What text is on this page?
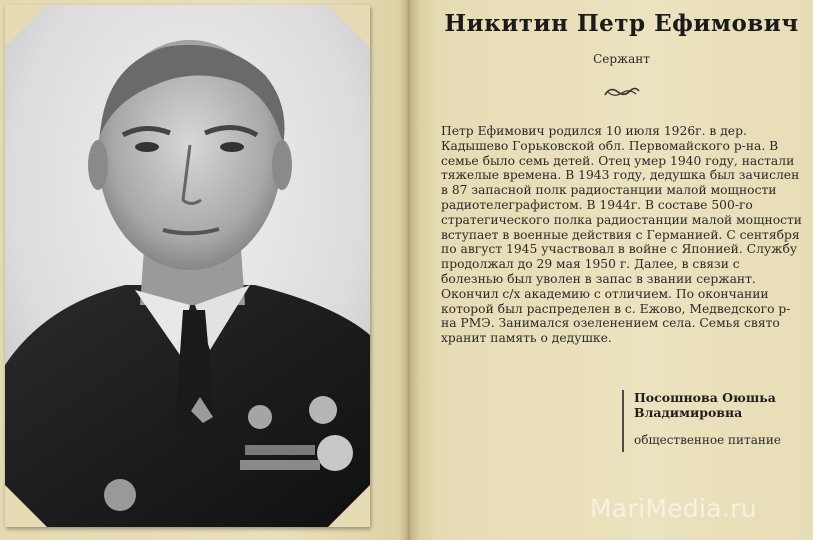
Никитин Петр Ефимович
Сержант
Петр Ефимович родился 10 июля 1926г. в дер. Кадышево Горьковской обл. Первомайского р-на. В семье было семь детей. Отец умер 1940 году, настали тяжелые времена. В 1943 году, дедушка был зачислен в 87 запасной полк радиостанции малой мощности радиотелеграфистом. В 1944г. В составе 500-го стратегического полка радиостанции малой мощности вступает в военные действия с Германией. С сентября по август 1945 участвовал в войне с Японией. Службу продолжал до 29 мая 1950 г. Далее, в связи с болезнью был уволен в запас в звании сержант. Окончил с/х академию с отличием. По окончании которой был распределен в с. Ежово, Медведского р-на РМЭ. Занимался озеленением села. Семья свято хранит память о дедушке.
Посошнова Оюшьа Владимировна
общественное питание
MariMedia.ru
